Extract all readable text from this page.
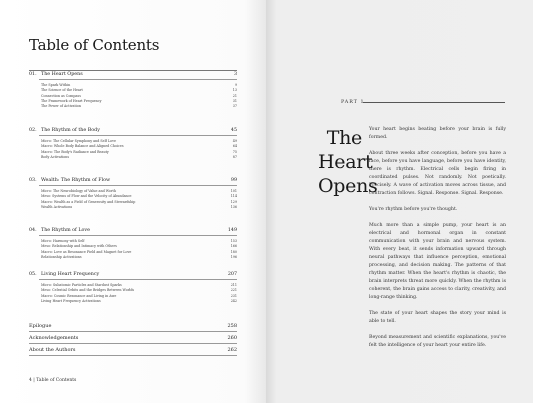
Table of Contents
01. The Heart Opens	3
The Spark Within	9
The Science of the Heart	13
Connection as Compass	21
The Framework of Heart Frequency	31
The Power of Activation	37
02. The Rhythm of the Body	45
Micro: The Cellular Symphony and Self Love	49
Macro: Whole Body Balance and Aligned Choices	64
Macro: The Body's Radiance and Beauty	75
Body Activations	87
03. Wealth: The Rhythm of Flow	99
Micro: The Neurobiology of Value and Worth	101
Meso: Systems of Flow and the Velocity of Abundance	114
Macro: Wealth as a Field of Generosity and Stewardship	129
Wealth Activations	136
04. The Rhythm of Love	149
Micro: Harmony with Self	153
Meso: Relationship and Intimacy with Others	166
Macro: Love as Resonance Field and Magnet for Love	180
Relationship Activations	196
05. Living Heart Frequency	207
Micro: Subatomic Particles and Stardust Sparks	211
Meso: Celestial Orbits and the Bridges Between Worlds	221
Macro: Cosmic Resonance and Living in Awe	231
Living Heart Frequency Activations	242
Epilogue	258
Acknowledgements	260
About the Authors	262
4 | Table of Contents
PART 1
The
Heart
Opens

Your heart begins beating before your brain is fully formed.

About three weeks after conception, before you have a face, before you have language, before you have identity, there is rhythm. Electrical cells begin firing in coordinated pulses. Not randomly. Not poetically. Precisely. A wave of activation moves across tissue, and contraction follows. Signal. Response. Signal. Response.

You're rhythm before you're thought.

Much more than a simple pump, your heart is an electrical and hormonal organ in constant communication with your brain and nervous system. With every beat, it sends information upward through neural pathways that influence perception, emotional processing, and decision making. The patterns of that rhythm matter. When the heart's rhythm is chaotic, the brain interprets threat more quickly. When the rhythm is coherent, the brain gains access to clarity, creativity, and long-range thinking.

The state of your heart shapes the story your mind is able to tell.

Beyond measurement and scientific explanations, you've felt the intelligence of your heart your entire life.
